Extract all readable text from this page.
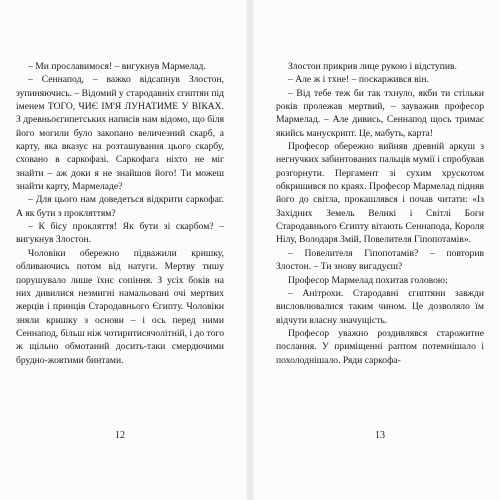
– Ми прославимося! – вигукнув Мармелад.

– Сеннапод, – важко відсапнув Злостон, зупиняючись. – Відомий у стародавніх єгиптян під іменем ТОГО, ЧИЄ ІМ'Я ЛУНАТИМЕ У ВІКАХ. З древньоєгипетських написів нам відомо, що біля його могили було закопано величезний скарб, а карту, яка вказує на розташування цього скарбу, сховано в саркофазі. Саркофага ніхто не міг знайти – аж доки я не знайшов його! Ти можеш знайти карту, Мармеладе?

– Для цього нам доведеться відкрити саркофаг. А як бути з прокляттям?

– К бісу прокляття! Як бути зі скарбом? – вигукнув Злостон.

Чоловіки обережно підважили кришку, обливаючись потом від натуги. Мертву тишу порушувало лише їхнє сопіння. З усіх боків на них дивилися незмигні намальовані очі мертвих жерців і принців Стародавнього Єгипту. Чоловіки зняли кришку з основи – і ось перед ними Сеннапод, більш ніж чотиритисячолітній, і до того ж щільно обмотаний досить-таки смердючими брудно-жовтими бинтами.

12

Злостон прикрив лице рукою і відступив.

– Але ж і тхне! – поскаржився він.

– Від тебе теж би так тхнуло, якби ти стільки років пролежав мертвий, – зауважив професор Мармелад. – Але дивись, Сеннапод щось тримає якийсь манускрипт. Це, мабуть, карта!

Професор обережно вийняв древній аркуш з негнучких забинтованих пальців мумії і спробував розгорнути. Пергамент зі сухим хрускотом обкришився по краях. Професор Мармелад підняв його до світла, прокашлявся і почав читати: «Із Західних Земель Великі і Світлі Боги Стародавнього Єгипту вітають Сеннапода, Короля Нілу, Володаря Змій, Повелителя Гіпопотамів».

– Повелителя Гіпопотамів? – повторив Злостон. – Ти знову вигадуєш?

Професор Мармелад похитав головою:

– Анітрохи. Стародавні єгиптяни завжди висловлювалися таким чином. Це дозволяло їм відчути власну значущість.

Професор уважно роздивлявся старожитне послання. У приміщенні раптом потемнішало і похолоднішало. Ряди саркофа-

13
